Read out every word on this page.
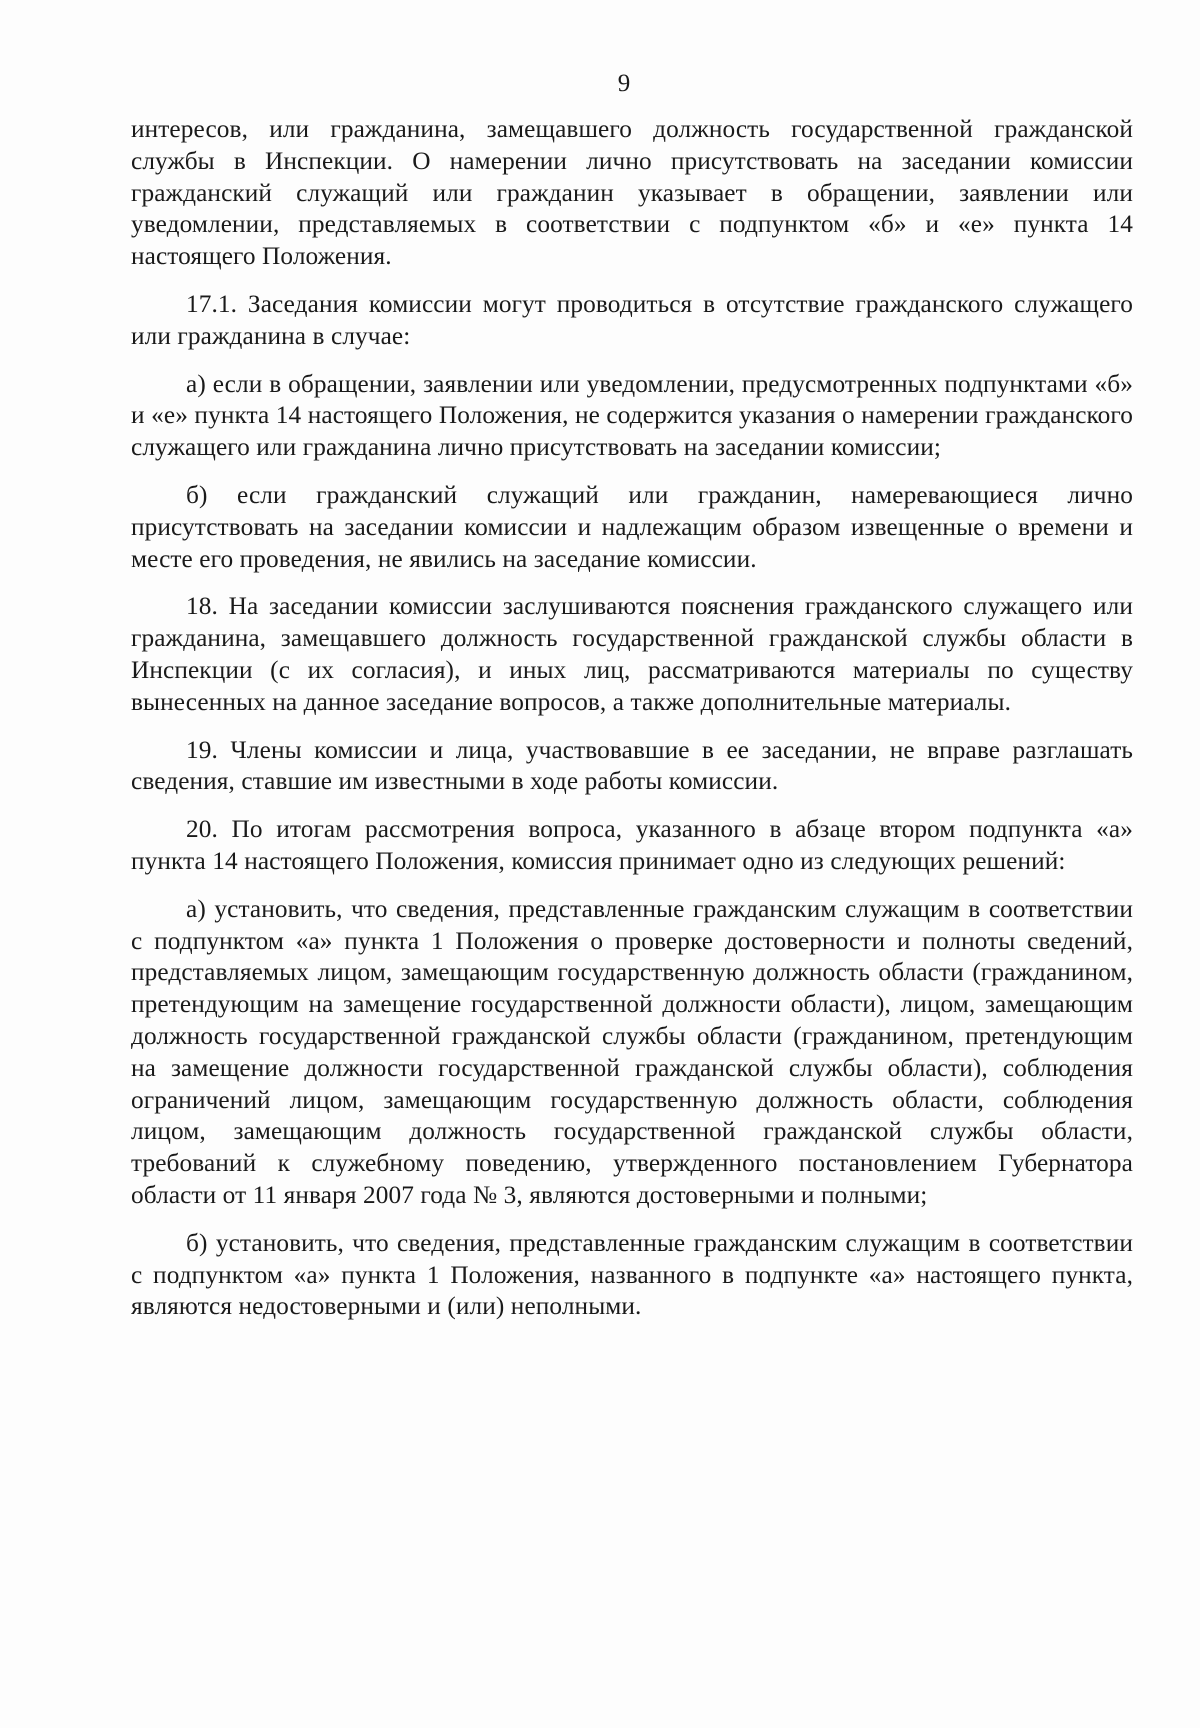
9

интересов, или гражданина, замещавшего должность государственной гражданской службы в Инспекции. О намерении лично присутствовать на заседании комиссии гражданский служащий или гражданин указывает в обращении, заявлении или уведомлении, представляемых в соответствии с подпунктом «б» и «е» пункта 14 настоящего Положения.

17.1. Заседания комиссии могут проводиться в отсутствие гражданского служащего или гражданина в случае:

а) если в обращении, заявлении или уведомлении, предусмотренных подпунктами «б» и «е» пункта 14 настоящего Положения, не содержится указания о намерении гражданского служащего или гражданина лично присутствовать на заседании комиссии;

б) если гражданский служащий или гражданин, намеревающиеся лично присутствовать на заседании комиссии и надлежащим образом извещенные о времени и месте его проведения, не явились на заседание комиссии.

18. На заседании комиссии заслушиваются пояснения гражданского служащего или гражданина, замещавшего должность государственной гражданской службы области в Инспекции (с их согласия), и иных лиц, рассматриваются материалы по существу вынесенных на данное заседание вопросов, а также дополнительные материалы.

19. Члены комиссии и лица, участвовавшие в ее заседании, не вправе разглашать сведения, ставшие им известными в ходе работы комиссии.

20. По итогам рассмотрения вопроса, указанного в абзаце втором подпункта «а» пункта 14 настоящего Положения, комиссия принимает одно из следующих решений:

а) установить, что сведения, представленные гражданским служащим в соответствии с подпунктом «а» пункта 1 Положения о проверке достоверности и полноты сведений, представляемых лицом, замещающим государственную должность области (гражданином, претендующим на замещение государственной должности области), лицом, замещающим должность государственной гражданской службы области (гражданином, претендующим на замещение должности государственной гражданской службы области), соблюдения ограничений лицом, замещающим государственную должность области, соблюдения лицом, замещающим должность государственной гражданской службы области, требований к служебному поведению, утвержденного постановлением Губернатора области от 11 января 2007 года № 3, являются достоверными и полными;

б) установить, что сведения, представленные гражданским служащим в соответствии с подпунктом «а» пункта 1 Положения, названного в подпункте «а» настоящего пункта, являются недостоверными и (или) неполными.
